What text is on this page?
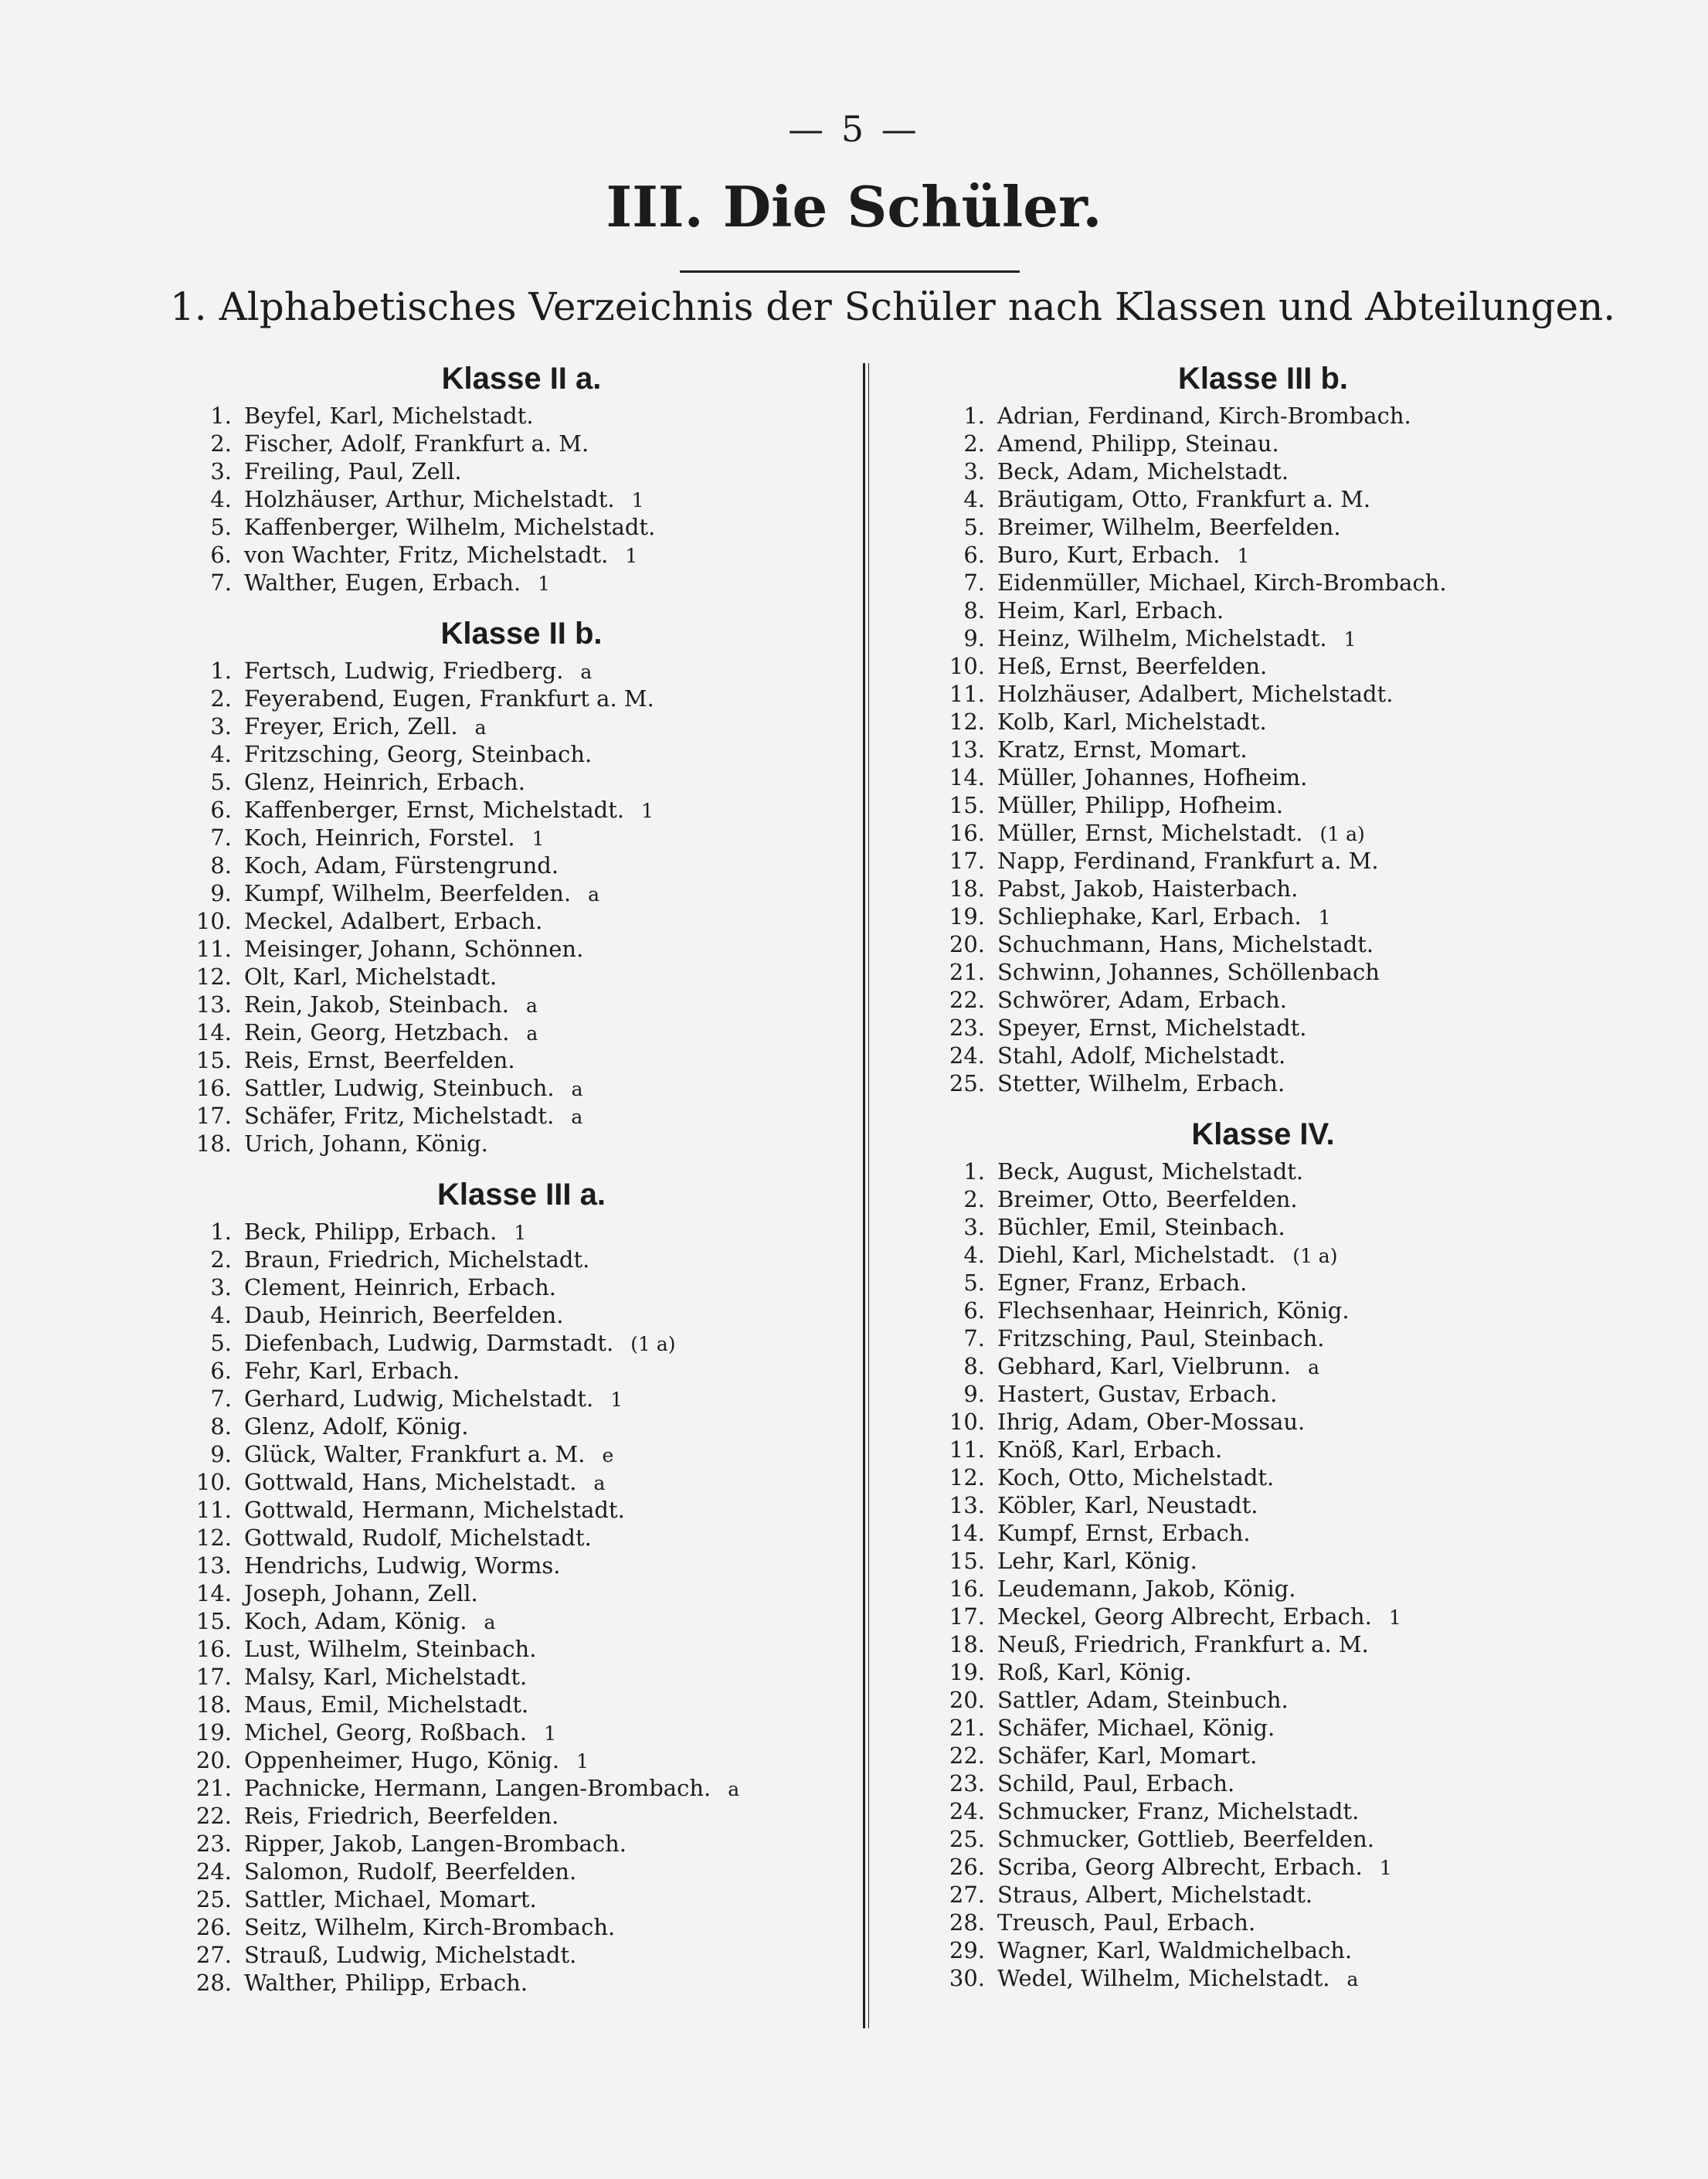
— 5 —
III. Die Schüler.
1. Alphabetisches Verzeichnis der Schüler nach Klassen und Abteilungen.
Klasse II a.
1. Beyfel, Karl, Michelstadt.
2. Fischer, Adolf, Frankfurt a. M.
3. Freiling, Paul, Zell.
4. Holzhäuser, Arthur, Michelstadt. 1
5. Kaffenberger, Wilhelm, Michelstadt.
6. von Wachter, Fritz, Michelstadt. 1
7. Walther, Eugen, Erbach. 1
Klasse II b.
1. Fertsch, Ludwig, Friedberg. a
2. Feyerabend, Eugen, Frankfurt a. M.
3. Freyer, Erich, Zell. a
4. Fritzsching, Georg, Steinbach.
5. Glenz, Heinrich, Erbach.
6. Kaffenberger, Ernst, Michelstadt. 1
7. Koch, Heinrich, Forstel. 1
8. Koch, Adam, Fürstengrund.
9. Kumpf, Wilhelm, Beerfelden. a
10. Meckel, Adalbert, Erbach.
11. Meisinger, Johann, Schönnen.
12. Olt, Karl, Michelstadt.
13. Rein, Jakob, Steinbach. a
14. Rein, Georg, Hetzbach. a
15. Reis, Ernst, Beerfelden.
16. Sattler, Ludwig, Steinbuch. a
17. Schäfer, Fritz, Michelstadt. a
18. Urich, Johann, König.
Klasse III a.
1. Beck, Philipp, Erbach. 1
2. Braun, Friedrich, Michelstadt.
3. Clement, Heinrich, Erbach.
4. Daub, Heinrich, Beerfelden.
5. Diefenbach, Ludwig, Darmstadt. (1 a)
6. Fehr, Karl, Erbach.
7. Gerhard, Ludwig, Michelstadt. 1
8. Glenz, Adolf, König.
9. Glück, Walter, Frankfurt a. M. e
10. Gottwald, Hans, Michelstadt. a
11. Gottwald, Hermann, Michelstadt.
12. Gottwald, Rudolf, Michelstadt.
13. Hendrichs, Ludwig, Worms.
14. Joseph, Johann, Zell.
15. Koch, Adam, König. a
16. Lust, Wilhelm, Steinbach.
17. Malsy, Karl, Michelstadt.
18. Maus, Emil, Michelstadt.
19. Michel, Georg, Roßbach. 1
20. Oppenheimer, Hugo, König. 1
21. Pachnicke, Hermann, Langen-Brombach. a
22. Reis, Friedrich, Beerfelden.
23. Ripper, Jakob, Langen-Brombach.
24. Salomon, Rudolf, Beerfelden.
25. Sattler, Michael, Momart.
26. Seitz, Wilhelm, Kirch-Brombach.
27. Strauß, Ludwig, Michelstadt.
28. Walther, Philipp, Erbach.
Klasse III b.
1. Adrian, Ferdinand, Kirch-Brombach.
2. Amend, Philipp, Steinau.
3. Beck, Adam, Michelstadt.
4. Bräutigam, Otto, Frankfurt a. M.
5. Breimer, Wilhelm, Beerfelden.
6. Buro, Kurt, Erbach. 1
7. Eidenmüller, Michael, Kirch-Brombach.
8. Heim, Karl, Erbach.
9. Heinz, Wilhelm, Michelstadt. 1
10. Heß, Ernst, Beerfelden.
11. Holzhäuser, Adalbert, Michelstadt.
12. Kolb, Karl, Michelstadt.
13. Kratz, Ernst, Momart.
14. Müller, Johannes, Hofheim.
15. Müller, Philipp, Hofheim.
16. Müller, Ernst, Michelstadt. (1 a)
17. Napp, Ferdinand, Frankfurt a. M.
18. Pabst, Jakob, Haisterbach.
19. Schliephake, Karl, Erbach. 1
20. Schuchmann, Hans, Michelstadt.
21. Schwinn, Johannes, Schöllenbach
22. Schwörer, Adam, Erbach.
23. Speyer, Ernst, Michelstadt.
24. Stahl, Adolf, Michelstadt.
25. Stetter, Wilhelm, Erbach.
Klasse IV.
1. Beck, August, Michelstadt.
2. Breimer, Otto, Beerfelden.
3. Büchler, Emil, Steinbach.
4. Diehl, Karl, Michelstadt. (1 a)
5. Egner, Franz, Erbach.
6. Flechsenhaar, Heinrich, König.
7. Fritzsching, Paul, Steinbach.
8. Gebhard, Karl, Vielbrunn. a
9. Hastert, Gustav, Erbach.
10. Ihrig, Adam, Ober-Mossau.
11. Knöß, Karl, Erbach.
12. Koch, Otto, Michelstadt.
13. Köbler, Karl, Neustadt.
14. Kumpf, Ernst, Erbach.
15. Lehr, Karl, König.
16. Leudemann, Jakob, König.
17. Meckel, Georg Albrecht, Erbach. 1
18. Neuß, Friedrich, Frankfurt a. M.
19. Roß, Karl, König.
20. Sattler, Adam, Steinbuch.
21. Schäfer, Michael, König.
22. Schäfer, Karl, Momart.
23. Schild, Paul, Erbach.
24. Schmucker, Franz, Michelstadt.
25. Schmucker, Gottlieb, Beerfelden.
26. Scriba, Georg Albrecht, Erbach. 1
27. Straus, Albert, Michelstadt.
28. Treusch, Paul, Erbach.
29. Wagner, Karl, Waldmichelbach.
30. Wedel, Wilhelm, Michelstadt. a
